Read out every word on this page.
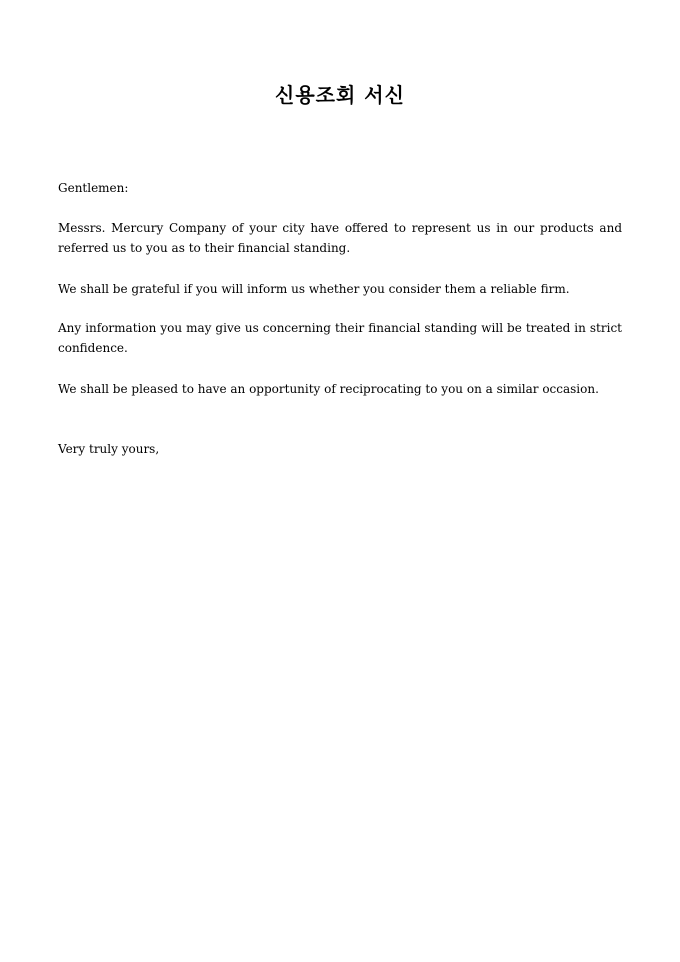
신용조회 서신

Gentlemen:

Messrs. Mercury Company of your city have offered to represent us in our products and referred us to you as to their financial standing.

We shall be grateful if you will inform us whether you consider them a reliable firm.

Any information you may give us concerning their financial standing will be treated in strict confidence.

We shall be pleased to have an opportunity of reciprocating to you on a similar occasion.

Very truly yours,
